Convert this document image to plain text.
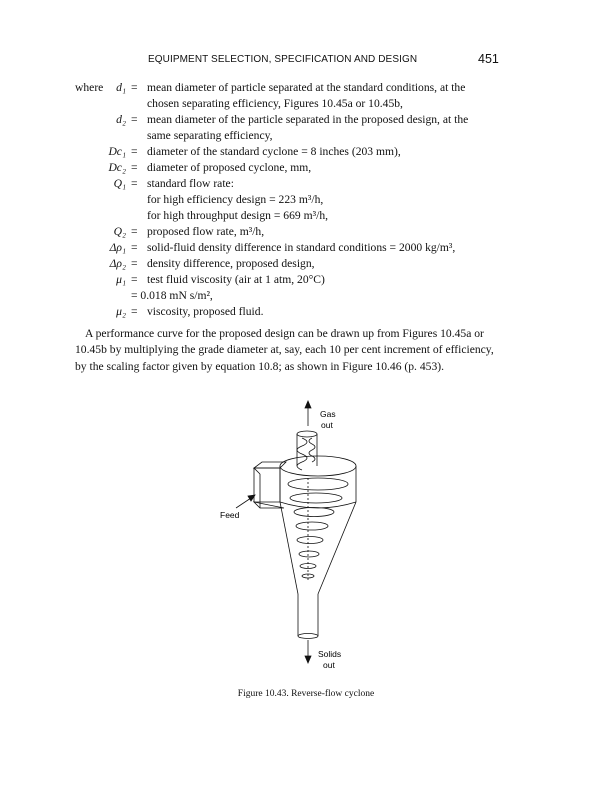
EQUIPMENT SELECTION, SPECIFICATION AND DESIGN	451
where d₁ = mean diameter of particle separated at the standard conditions, at the
chosen separating efficiency, Figures 10.45a or 10.45b,
d₂ = mean diameter of the particle separated in the proposed design, at the
same separating efficiency,
Dc₁ = diameter of the standard cyclone = 8 inches (203 mm),
Dc₂ = diameter of proposed cyclone, mm,
Q₁ = standard flow rate:
for high efficiency design = 223 m³/h,
for high throughput design = 669 m³/h,
Q₂ = proposed flow rate, m³/h,
Δρ₁ = solid-fluid density difference in standard conditions = 2000 kg/m³,
Δρ₂ = density difference, proposed design,
μ₁ = test fluid viscosity (air at 1 atm, 20°C)
= 0.018 mN s/m²,
μ₂ = viscosity, proposed fluid.
A performance curve for the proposed design can be drawn up from Figures 10.45a or
10.45b by multiplying the grade diameter at, say, each 10 per cent increment of efficiency,
by the scaling factor given by equation 10.8; as shown in Figure 10.46 (p. 453).
Gas
out
Feed
Solids
out
Figure 10.43. Reverse-flow cyclone
